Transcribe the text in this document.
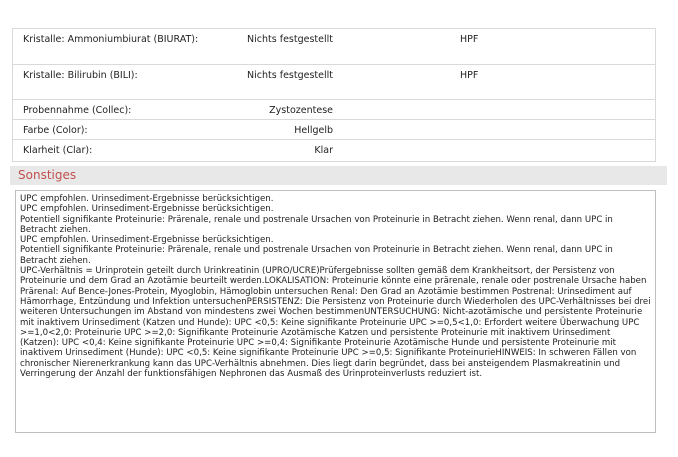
Kristalle: Ammoniumbiurat (BIURAT):	Nichts festgestellt	HPF
Kristalle: Bilirubin (BILI):	Nichts festgestellt	HPF
Probennahme (Collec):	Zystozentese
Farbe (Color):	Hellgelb
Klarheit (Clar):	Klar
Sonstiges

UPC empfohlen. Urinsediment-Ergebnisse berücksichtigen.

UPC empfohlen. Urinsediment-Ergebnisse berücksichtigen.

Potentiell signifikante Proteinurie: Prärenale, renale und postrenale Ursachen von Proteinurie in Betracht ziehen. Wenn renal, dann UPC in Betracht ziehen.

UPC empfohlen. Urinsediment-Ergebnisse berücksichtigen.

Potentiell signifikante Proteinurie: Prärenale, renale und postrenale Ursachen von Proteinurie in Betracht ziehen. Wenn renal, dann UPC in Betracht ziehen.

UPC-Verhältnis = Urinprotein geteilt durch Urinkreatinin (UPRO/UCRE)Prüfergebnisse sollten gemäß dem Krankheitsort, der Persistenz von Proteinurie und dem Grad an Azotämie beurteilt werden.LOKALISATION: Proteinurie könnte eine prärenale, renale oder postrenale Ursache haben Prärenal: Auf Bence-Jones-Protein, Myoglobin, Hämoglobin untersuchen Renal: Den Grad an Azotämie bestimmen Postrenal: Urinsediment auf Hämorrhage, Entzündung und Infektion untersuchenPERSISTENZ: Die Persistenz von Proteinurie durch Wiederholen des UPC-Verhältnisses bei drei weiteren Untersuchungen im Abstand von mindestens zwei Wochen bestimmenUNTERSUCHUNG: Nicht-azotämische und persistente Proteinurie mit inaktivem Urinsediment (Katzen und Hunde): UPC <0,5: Keine signifikante Proteinurie UPC >=0,5<1,0: Erfordert weitere Überwachung UPC >=1,0<2,0: Proteinurie UPC >=2,0: Signifikante Proteinurie Azotämische Katzen und persistente Proteinurie mit inaktivem Urinsediment (Katzen): UPC <0,4: Keine signifikante Proteinurie UPC >=0,4: Signifikante Proteinurie Azotämische Hunde und persistente Proteinurie mit inaktivem Urinsediment (Hunde): UPC <0,5: Keine signifikante Proteinurie UPC >=0,5: Signifikante ProteinurieHINWEIS: In schweren Fällen von chronischer Nierenerkrankung kann das UPC-Verhältnis abnehmen. Dies liegt darin begründet, dass bei ansteigendem Plasmakreatinin und Verringerung der Anzahl der funktionsfähigen Nephronen das Ausmaß des Urinproteinverlusts reduziert ist.
